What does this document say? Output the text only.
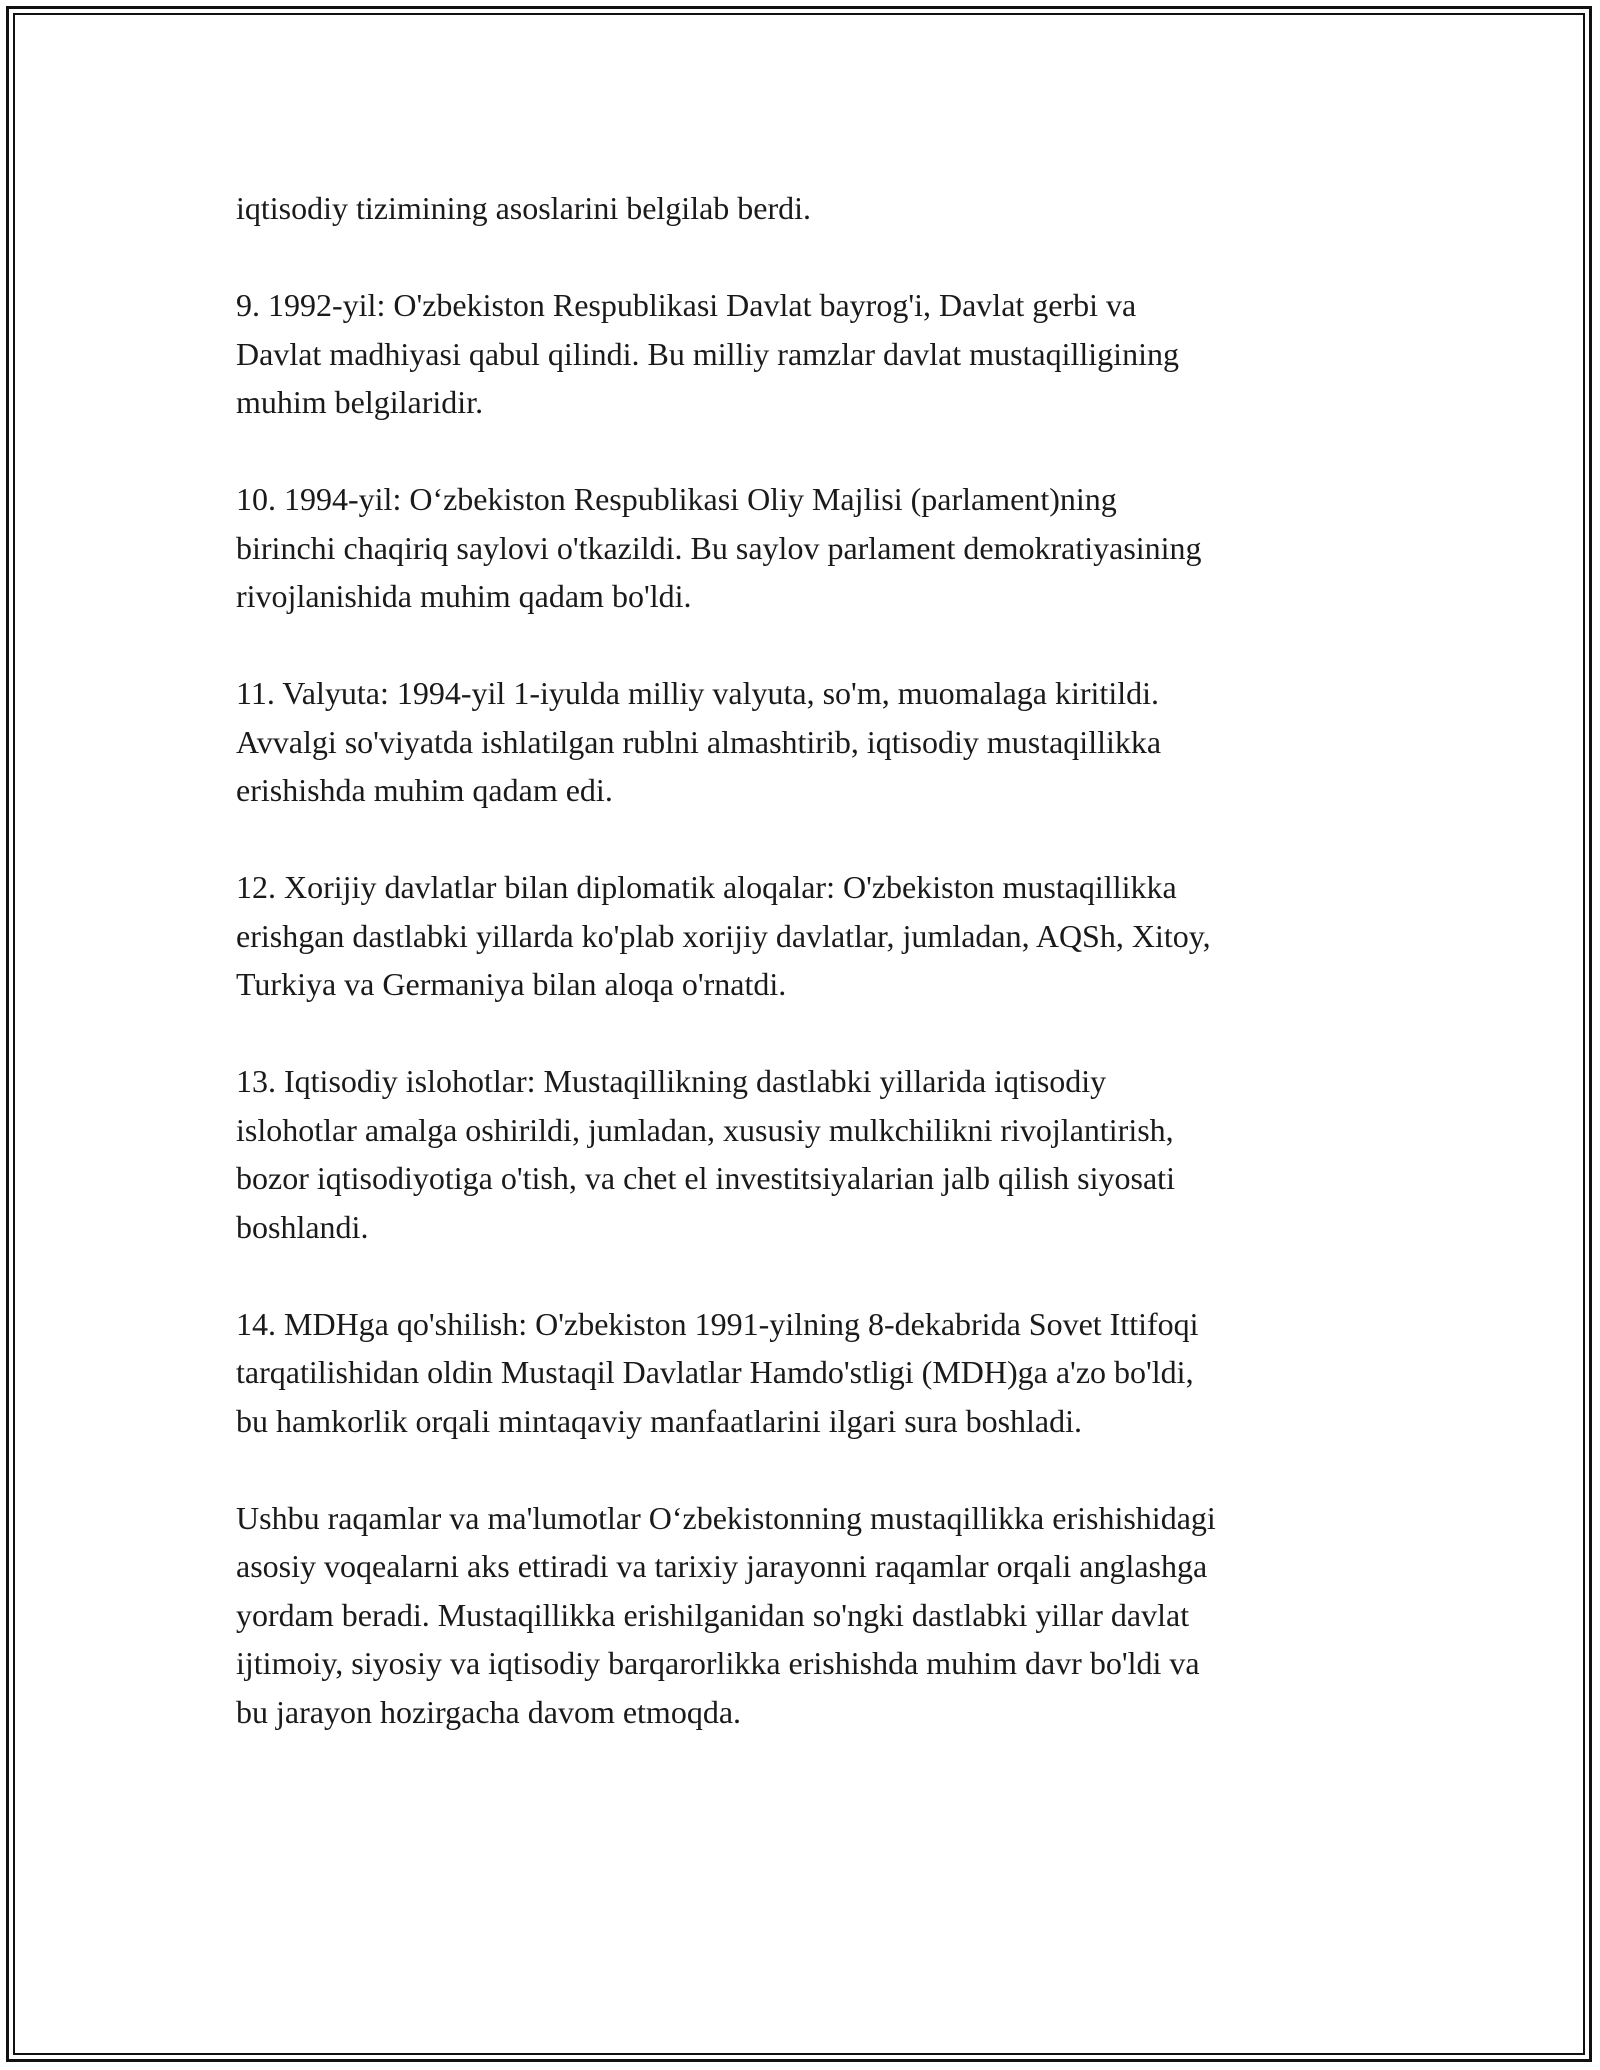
iqtisodiy tizimining asoslarini belgilab berdi.

9. 1992-yil: O'zbekiston Respublikasi Davlat bayrog'i, Davlat gerbi va
Davlat madhiyasi qabul qilindi. Bu milliy ramzlar davlat mustaqilligining
muhim belgilaridir.

10. 1994-yil: O‘zbekiston Respublikasi Oliy Majlisi (parlament)ning
birinchi chaqiriq saylovi o'tkazildi. Bu saylov parlament demokratiyasining
rivojlanishida muhim qadam bo'ldi.

11. Valyuta: 1994-yil 1-iyulda milliy valyuta, so'm, muomalaga kiritildi.
Avvalgi so'viyatda ishlatilgan rublni almashtirib, iqtisodiy mustaqillikka
erishishda muhim qadam edi.

12. Xorijiy davlatlar bilan diplomatik aloqalar: O'zbekiston mustaqillikka
erishgan dastlabki yillarda ko'plab xorijiy davlatlar, jumladan, AQSh, Xitoy,
Turkiya va Germaniya bilan aloqa o'rnatdi.

13. Iqtisodiy islohotlar: Mustaqillikning dastlabki yillarida iqtisodiy
islohotlar amalga oshirildi, jumladan, xususiy mulkchilikni rivojlantirish,
bozor iqtisodiyotiga o'tish, va chet el investitsiyalarian jalb qilish siyosati
boshlandi.

14. MDHga qo'shilish: O'zbekiston 1991-yilning 8-dekabrida Sovet Ittifoqi
tarqatilishidan oldin Mustaqil Davlatlar Hamdo'stligi (MDH)ga a'zo bo'ldi,
bu hamkorlik orqali mintaqaviy manfaatlarini ilgari sura boshladi.

Ushbu raqamlar va ma'lumotlar O‘zbekistonning mustaqillikka erishishidagi
asosiy voqealarni aks ettiradi va tarixiy jarayonni raqamlar orqali anglashga
yordam beradi. Mustaqillikka erishilganidan so'ngki dastlabki yillar davlat
ijtimoiy, siyosiy va iqtisodiy barqarorlikka erishishda muhim davr bo'ldi va
bu jarayon hozirgacha davom etmoqda.
